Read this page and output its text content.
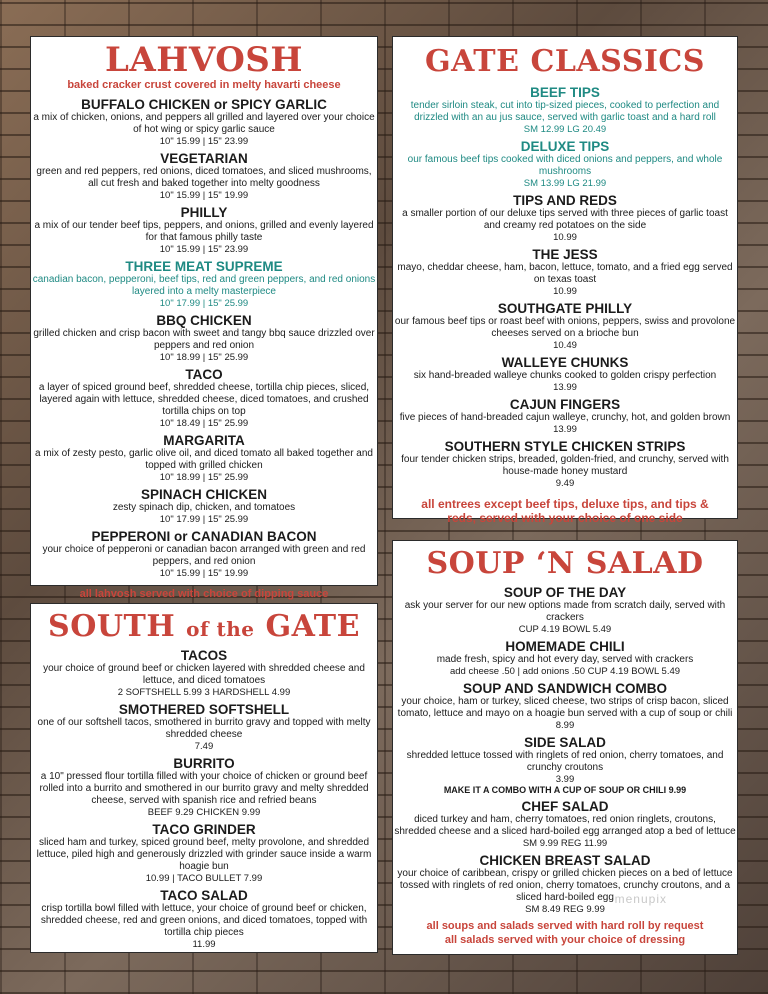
LAHVOSH
baked cracker crust covered in melty havarti cheese
BUFFALO CHICKEN or SPICY GARLIC
a mix of chicken, onions, and peppers all grilled and layered over your choice of hot wing or spicy garlic sauce
10" 15.99 | 15" 23.99
VEGETARIAN
green and red peppers, red onions, diced tomatoes, and sliced mushrooms, all cut fresh and baked together into melty goodness
10" 15.99 | 15" 19.99
PHILLY
a mix of our tender beef tips, peppers, and onions, grilled and evenly layered for that famous philly taste
10" 15.99 | 15" 23.99
THREE MEAT SUPREME
canadian bacon, pepperoni, beef tips, red and green peppers, and red onions layered into a melty masterpiece
10" 17.99 | 15" 25.99
BBQ CHICKEN
grilled chicken and crisp bacon with sweet and tangy bbq sauce drizzled over peppers and red onion
10" 18.99 | 15" 25.99
TACO
a layer of spiced ground beef, shredded cheese, tortilla chip pieces, sliced, layered again with lettuce, shredded cheese, diced tomatoes, and crushed tortilla chips on top
10" 18.49 | 15" 25.99
MARGARITA
a mix of zesty pesto, garlic olive oil, and diced tomato all baked together and topped with grilled chicken
10" 18.99 | 15" 25.99
SPINACH CHICKEN
zesty spinach dip, chicken, and tomatoes
10" 17.99 | 15" 25.99
PEPPERONI or CANADIAN BACON
your choice of pepperoni or canadian bacon arranged with green and red peppers, and red onion
10" 15.99 | 15" 19.99
all lahvosh served with choice of dipping sauce
GATE CLASSICS
BEEF TIPS
tender sirloin steak, cut into tip-sized pieces, cooked to perfection and drizzled with an au jus sauce, served with garlic toast and a hard roll
SM 12.99 LG 20.49
DELUXE TIPS
our famous beef tips cooked with diced onions and peppers, and whole mushrooms
SM 13.99 LG 21.99
TIPS AND REDS
a smaller portion of our deluxe tips served with three pieces of garlic toast and creamy red potatoes on the side
10.99
THE JESS
mayo, cheddar cheese, ham, bacon, lettuce, tomato, and a fried egg served on texas toast
10.99
SOUTHGATE PHILLY
our famous beef tips or roast beef with onions, peppers, swiss and provolone cheeses served on a brioche bun
10.49
WALLEYE CHUNKS
six hand-breaded walleye chunks cooked to golden crispy perfection
13.99
CAJUN FINGERS
five pieces of hand-breaded cajun walleye, crunchy, hot, and golden brown
13.99
SOUTHERN STYLE CHICKEN STRIPS
four tender chicken strips, breaded, golden-fried, and crunchy, served with house-made honey mustard
9.49
all entrees except beef tips, deluxe tips, and tips & reds, served with your choice of one side
SOUTH of the GATE
TACOS
your choice of ground beef or chicken layered with shredded cheese and lettuce, and diced tomatoes
2 SOFTSHELL 5.99 3 HARDSHELL 4.99
SMOTHERED SOFTSHELL
one of our softshell tacos, smothered in burrito gravy and topped with melty shredded cheese
7.49
BURRITO
a 10" pressed flour tortilla filled with your choice of chicken or ground beef rolled into a burrito and smothered in our burrito gravy and melty shredded cheese, served with spanish rice and refried beans
BEEF 9.29 CHICKEN 9.99
TACO GRINDER
sliced ham and turkey, spiced ground beef, melty provolone, and shredded lettuce, piled high and generously drizzled with grinder sauce inside a warm hoagie bun
10.99 | TACO BULLET 7.99
TACO SALAD
crisp tortilla bowl filled with lettuce, your choice of ground beef or chicken, shredded cheese, red and green onions, and diced tomatoes, topped with tortilla chip pieces
11.99
SOUP ‘N SALAD
SOUP OF THE DAY
ask your server for our new options made from scratch daily, served with crackers
CUP 4.19 BOWL 5.49
HOMEMADE CHILI
made fresh, spicy and hot every day, served with crackers
add cheese .50 | add onions .50 CUP 4.19 BOWL 5.49
SOUP AND SANDWICH COMBO
your choice, ham or turkey, sliced cheese, two strips of crisp bacon, sliced tomato, lettuce and mayo on a hoagie bun served with a cup of soup or chili
8.99
SIDE SALAD
shredded lettuce tossed with ringlets of red onion, cherry tomatoes, and crunchy croutons
3.99
MAKE IT A COMBO WITH A CUP OF SOUP OR CHILI 9.99
CHEF SALAD
diced turkey and ham, cherry tomatoes, red onion ringlets, croutons, shredded cheese and a sliced hard-boiled egg arranged atop a bed of lettuce
SM 9.99 REG 11.99
CHICKEN BREAST SALAD
your choice of caribbean, crispy or grilled chicken pieces on a bed of lettuce tossed with ringlets of red onion, cherry tomatoes, crunchy croutons, and a sliced hard-boiled egg
SM 8.49 REG 9.99
all soups and salads served with hard roll by request
all salads served with your choice of dressing
menupix
